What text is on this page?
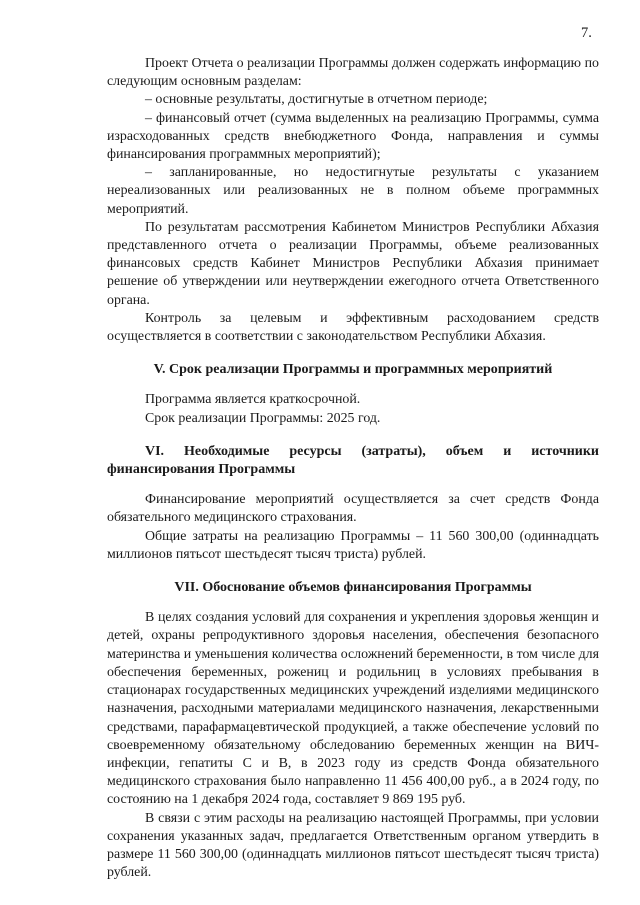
7.

Проект Отчета о реализации Программы должен содержать информацию по следующим основным разделам:

– основные результаты, достигнутые в отчетном периоде;

– финансовый отчет (сумма выделенных на реализацию Программы, сумма израсходованных средств внебюджетного Фонда, направления и суммы финансирования программных мероприятий);

– запланированные, но недостигнутые результаты с указанием нереализованных или реализованных не в полном объеме программных мероприятий.

По результатам рассмотрения Кабинетом Министров Республики Абхазия представленного отчета о реализации Программы, объеме реализованных финансовых средств Кабинет Министров Республики Абхазия принимает решение об утверждении или неутверждении ежегодного отчета Ответственного органа.

Контроль за целевым и эффективным расходованием средств осуществляется в соответствии с законодательством Республики Абхазия.

V. Срок реализации Программы и программных мероприятий

Программа является краткосрочной.

Срок реализации Программы: 2025 год.

VI. Необходимые ресурсы (затраты), объем и источники финансирования Программы

Финансирование мероприятий осуществляется за счет средств Фонда обязательного медицинского страхования.

Общие затраты на реализацию Программы – 11 560 300,00 (одиннадцать миллионов пятьсот шестьдесят тысяч триста) рублей.

VII. Обоснование объемов финансирования Программы

В целях создания условий для сохранения и укрепления здоровья женщин и детей, охраны репродуктивного здоровья населения, обеспечения безопасного материнства и уменьшения количества осложнений беременности, в том числе для обеспечения беременных, рожениц и родильниц в условиях пребывания в стационарах государственных медицинских учреждений изделиями медицинского назначения, расходными материалами медицинского назначения, лекарственными средствами, парафармацевтической продукцией, а также обеспечение условий по своевременному обязательному обследованию беременных женщин на ВИЧ-инфекции, гепатиты С и В, в 2023 году из средств Фонда обязательного медицинского страхования было направленно 11 456 400,00 руб., а в 2024 году, по состоянию на 1 декабря 2024 года, составляет 9 869 195 руб.

В связи с этим расходы на реализацию настоящей Программы, при условии сохранения указанных задач, предлагается Ответственным органом утвердить в размере 11 560 300,00 (одиннадцать миллионов пятьсот шестьдесят тысяч триста) рублей.
